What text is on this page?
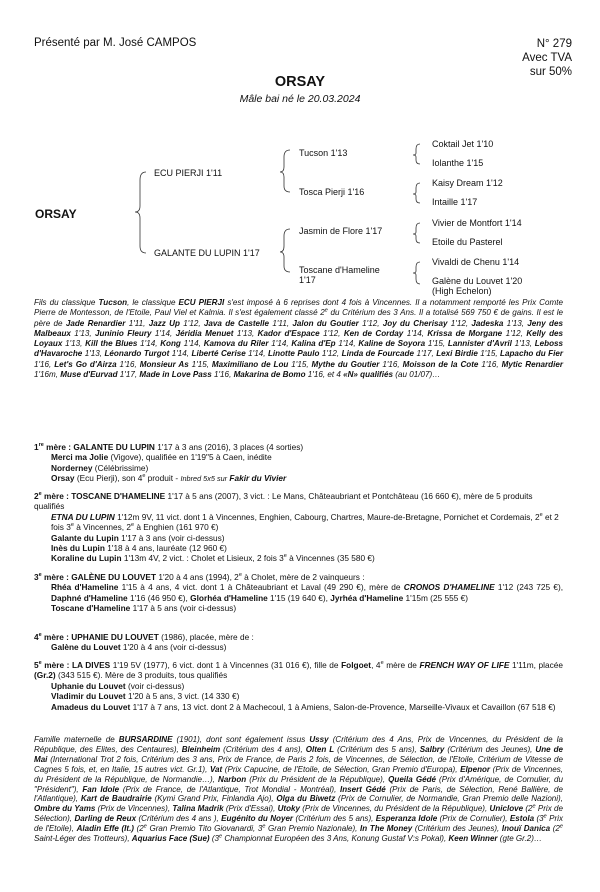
Présenté par M. José CAMPOS	N° 279
Avec TVA
sur 50%
ORSAY
Mâle bai né le 20.03.2024
ORSAY
ECU PIERJI 1'11
GALANTE DU LUPIN 1'17
Tucson 1'13
Tosca Pierji 1'16
Jasmin de Flore 1'17
Toscane d'Hameline
1'17
Coktail Jet 1'10
Iolanthe 1'15
Kaisy Dream 1'12
Intaille 1'17
Vivier de Montfort 1'14
Etoile du Pasterel
Vivaldi de Chenu 1'14
Galène du Louvet 1'20
(High Echelon)
Fils du classique Tucson, le classique ECU PIERJI s'est imposé à 6 reprises dont 4 fois à Vincennes. Il a notamment remporté les Prix Comte Pierre de Montesson, de l'Etoile, Paul Viel et Kalmia. Il s'est également classé 2e du Critérium des 3 Ans. Il a totalisé 569 750 € de gains. Il est le père de Jade Renardier 1'11, Jazz Up 1'12, Java de Castelle 1'11, Jalon du Goutier 1'12, Joy du Cherisay 1'12, Jadeska 1'13, Jeny des Malbeaux 1'13, Juninio Fleury 1'14, Jéridia Menuet 1'13, Kador d'Espace 1'12, Ken de Corday 1'14, Krissa de Morgane 1'12, Kelly des Loyaux 1'13, Kill the Blues 1'14, Kong 1'14, Kamova du Riler 1'14, Kalina d'Ep 1'14, Kaline de Soyora 1'15, Lannister d'Avril 1'13, Leboss d'Havaroche 1'13, Léonardo Turgot 1'14, Liberté Cerise 1'14, Linotte Paulo 1'12, Linda de Fourcade 1'17, Lexi Birdie 1'15, Lapacho du Fier 1'16, Let's Go d'Airza 1'16, Monsieur As 1'15, Maximiliano de Lou 1'15, Mythe du Goutier 1'16, Moisson de la Cote 1'16, Mytic Renardier 1'16m, Muse d'Eurvad 1'17, Made in Love Pass 1'16, Makarina de Bomo 1'16, et 4 «N» qualifiés (au 01/07)…
1re mère : GALANTE DU LUPIN 1'17 à 3 ans (2016), 3 places (4 sorties)
Merci ma Jolie (Vigove), qualifiée en 1'19"5 à Caen, inédite
Norderney (Célébrissime)
Orsay (Ecu Pierji), son 4e produit - Inbred 5x5 sur Fakir du Vivier
2e mère : TOSCANE D'HAMELINE 1'17 à 5 ans (2007), 3 vict. : Le Mans, Châteaubriant et Pontchâteau (16 660 €), mère de 5 produits qualifiés
ETNA DU LUPIN 1'12m 9V, 11 vict. dont 1 à Vincennes, Enghien, Cabourg, Chartres, Maure-de-Bretagne, Pornichet et Cordemais, 2e et 2 fois 3e à Vincennes, 2e à Enghien (161 970 €)
Galante du Lupin 1'17 à 3 ans (voir ci-dessus)
Inès du Lupin 1'18 à 4 ans, lauréate (12 960 €)
Koraline du Lupin 1'13m 4V, 2 vict. : Cholet et Lisieux, 2 fois 3e à Vincennes (35 580 €)
3e mère : GALÈNE DU LOUVET 1'20 à 4 ans (1994), 2e à Cholet, mère de 2 vainqueurs :
Rhéa d'Hameline 1'15 à 4 ans, 4 vict. dont 1 à Châteaubriant et Laval (49 290 €), mère de CRONOS D'HAMELINE 1'12 (243 725 €), Daphné d'Hameline 1'16 (46 950 €), Glorhéa d'Hameline 1'15 (19 640 €), Jyrhéa d'Hameline 1'15m (25 555 €)
Toscane d'Hameline 1'17 à 5 ans (voir ci-dessus)
4e mère : UPHANIE DU LOUVET (1986), placée, mère de :
Galène du Louvet 1'20 à 4 ans (voir ci-dessus)
5e mère : LA DIVES 1'19 5V (1977), 6 vict. dont 1 à Vincennes (31 016 €), fille de Folgoet, 4e mère de FRENCH WAY OF LIFE 1'11m, placée (Gr.2) (343 515 €). Mère de 3 produits, tous qualifiés
Uphanie du Louvet (voir ci-dessus)
Vladimir du Louvet 1'20 à 5 ans, 3 vict. (14 330 €)
Amadeus du Louvet 1'17 à 7 ans, 13 vict. dont 2 à Machecoul, 1 à Amiens, Salon-de-Provence, Marseille-Vivaux et Cavaillon (67 518 €)
Famille maternelle de BURSARDINE (1901), dont sont également issus Ussy (Critérium des 4 Ans, Prix de Vincennes, du Président de la République, des Elites, des Centaures), Bleinheim (Critérium des 4 ans), Olten L (Critérium des 5 ans), Salbry (Critérium des Jeunes), Une de Mai (International Trot 2 fois, Critérium des 3 ans, Prix de France, de Paris 2 fois, de Vincennes, de Sélection, de l'Etoile, Critérium de Vitesse de Cagnes 5 fois, et, en Italie, 15 autres vict. Gr.1), Vat (Prix Capucine, de l'Etoile, de Sélection, Gran Premio d'Europa), Elpenor (Prix de Vincennes, du Président de la République, de Normandie…), Narbon (Prix du Président de la République), Queila Gédé (Prix d'Amérique, de Cornulier, du "Président"), Fan Idole (Prix de France, de l'Atlantique, Trot Mondial - Montréal), Insert Gédé (Prix de Paris, de Sélection, René Ballière, de l'Atlantique), Kart de Baudrairie (Kymi Grand Prix, Finlandia Ajo), Olga du Biwetz (Prix de Cornulier, de Normandie, Gran Premio delle Nazioni), Ombre du Yams (Prix de Vincennes), Talina Madrik (Prix d'Essai), Utoky (Prix de Vincennes, du Président de la République), Uniclove (2e Prix de Sélection), Darling de Reux (Critérium des 4 ans ), Eugénito du Noyer (Critérium des 5 ans), Esperanza Idole (Prix de Cornulier), Estola (3e Prix de l'Etoile), Aladin Effe (It.) (2e Gran Premio Tito Giovanardi, 3e Gran Premio Nazionale), In The Money (Critérium des Jeunes), Inouï Danica (2e Saint-Léger des Trotteurs), Aquarius Face (Sue) (3e Championnat Européen des 3 Ans, Konung Gustaf V:s Pokal), Keen Winner (gte Gr.2)…
